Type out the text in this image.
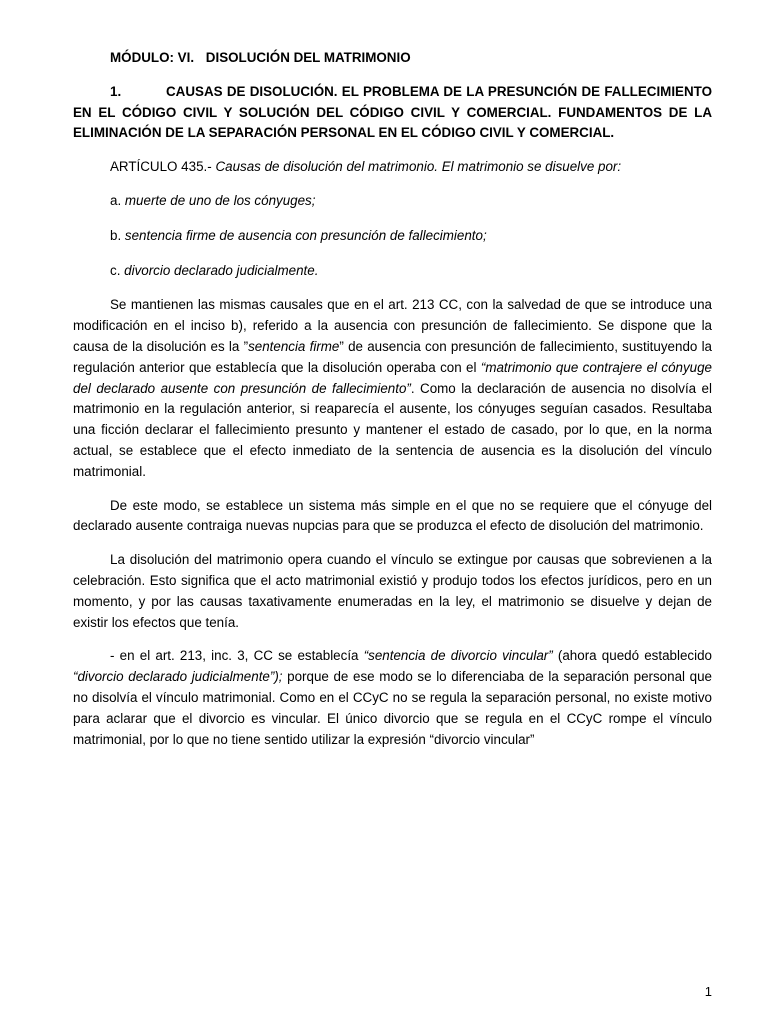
MÓDULO: VI. DISOLUCIÓN DEL MATRIMONIO
1.	CAUSAS DE DISOLUCIÓN. EL PROBLEMA DE LA PRESUNCIÓN DE FALLECIMIENTO EN EL CÓDIGO CIVIL Y SOLUCIÓN DEL CÓDIGO CIVIL Y COMERCIAL. FUNDAMENTOS DE LA ELIMINACIÓN DE LA SEPARACIÓN PERSONAL EN EL CÓDIGO CIVIL Y COMERCIAL.

ARTÍCULO 435.- Causas de disolución del matrimonio. El matrimonio se disuelve por:

a. muerte de uno de los cónyuges;

b. sentencia firme de ausencia con presunción de fallecimiento;

c. divorcio declarado judicialmente.

Se mantienen las mismas causales que en el art. 213 CC, con la salvedad de que se introduce una modificación en el inciso b), referido a la ausencia con presunción de fallecimiento. Se dispone que la causa de la disolución es la ”sentencia firme” de ausencia con presunción de fallecimiento, sustituyendo la regulación anterior que establecía que la disolución operaba con el “matrimonio que contrajere el cónyuge del declarado ausente con presunción de fallecimiento”. Como la declaración de ausencia no disolvía el matrimonio en la regulación anterior, si reaparecía el ausente, los cónyuges seguían casados. Resultaba una ficción declarar el fallecimiento presunto y mantener el estado de casado, por lo que, en la norma actual, se establece que el efecto inmediato de la sentencia de ausencia es la disolución del vínculo matrimonial.

De este modo, se establece un sistema más simple en el que no se requiere que el cónyuge del declarado ausente contraiga nuevas nupcias para que se produzca el efecto de disolución del matrimonio.

La disolución del matrimonio opera cuando el vínculo se extingue por causas que sobrevienen a la celebración. Esto significa que el acto matrimonial existió y produjo todos los efectos jurídicos, pero en un momento, y por las causas taxativamente enumeradas en la ley, el matrimonio se disuelve y dejan de existir los efectos que tenía.

- en el art. 213, inc. 3, CC se establecía “sentencia de divorcio vincular” (ahora quedó establecido “divorcio declarado judicialmente”); porque de ese modo se lo diferenciaba de la separación personal que no disolvía el vínculo matrimonial. Como en el CCyC no se regula la separación personal, no existe motivo para aclarar que el divorcio es vincular. El único divorcio que se regula en el CCyC rompe el vínculo matrimonial, por lo que no tiene sentido utilizar la expresión “divorcio vincular”

1
